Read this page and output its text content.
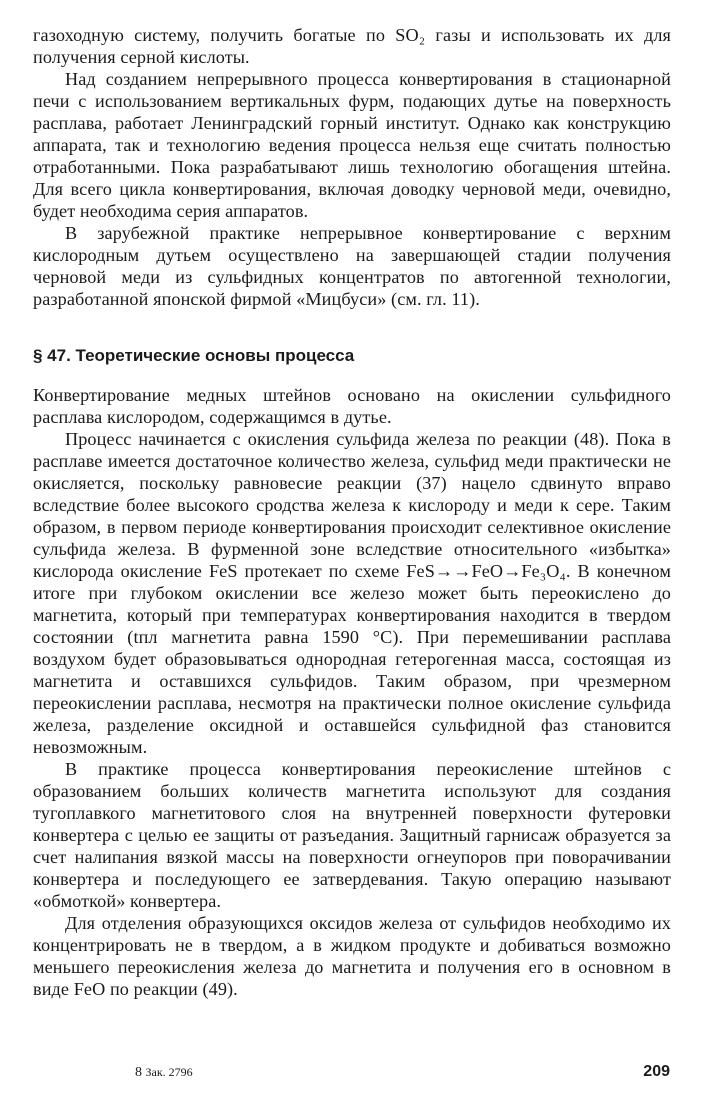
газоходную систему, получить богатые по SO₂ газы и использовать их для получения серной кислоты.

Над созданием непрерывного процесса конвертирования в стационарной печи с использованием вертикальных фурм, подающих дутье на поверхность расплава, работает Ленинградский горный институт. Однако как конструкцию аппарата, так и технологию ведения процесса нельзя еще считать полностью отработанными. Пока разрабатывают лишь технологию обогащения штейна. Для всего цикла конвертирования, включая доводку черновой меди, очевидно, будет необходима серия аппаратов.

В зарубежной практике непрерывное конвертирование с верхним кислородным дутьем осуществлено на завершающей стадии получения черновой меди из сульфидных концентратов по автогенной технологии, разработанной японской фирмой «Мицбуси» (см. гл. 11).

§ 47. Теоретические основы процесса

Конвертирование медных штейнов основано на окислении сульфидного расплава кислородом, содержащимся в дутье.

Процесс начинается с окисления сульфида железа по реакции (48). Пока в расплаве имеется достаточное количество железа, сульфид меди практически не окисляется, поскольку равновесие реакции (37) нацело сдвинуто вправо вследствие более высокого сродства железа к кислороду и меди к сере. Таким образом, в первом периоде конвертирования происходит селективное окисление сульфида железа. В фурменной зоне вследствие относительного «избытка» кислорода окисление FeS протекает по схеме FeS→→FeO→Fe₃O₄. В конечном итоге при глубоком окислении все железо может быть переокислено до магнетита, который при температурах конвертирования находится в твердом состоянии (tпл магнетита равна 1590 °C). При перемешивании расплава воздухом будет образовываться однородная гетерогенная масса, состоящая из магнетита и оставшихся сульфидов. Таким образом, при чрезмерном переокислении расплава, несмотря на практически полное окисление сульфида железа, разделение оксидной и оставшейся сульфидной фаз становится невозможным.

В практике процесса конвертирования переокисление штейнов с образованием больших количеств магнетита используют для создания тугоплавкого магнетитового слоя на внутренней поверхности футеровки конвертера с целью ее защиты от разъедания. Защитный гарнисаж образуется за счет налипания вязкой массы на поверхности огнеупоров при поворачивании конвертера и последующего ее затвердевания. Такую операцию называют «обмоткой» конвертера.

Для отделения образующихся оксидов железа от сульфидов необходимо их концентрировать не в твердом, а в жидком продукте и добиваться возможно меньшего переокисления железа до магнетита и получения его в основном в виде FeO по реакции (49).

8 Зак. 2796	209
